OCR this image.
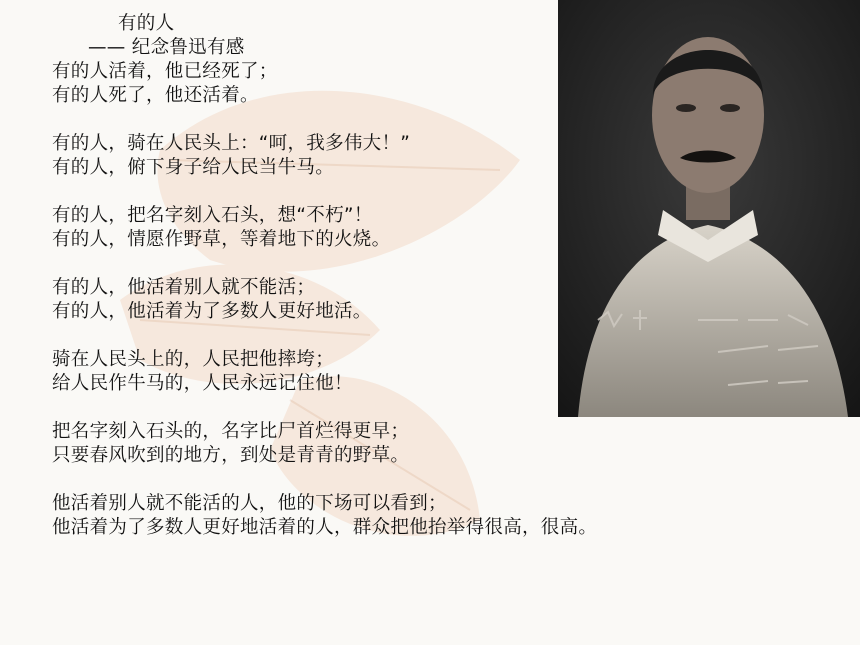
有的人
—— 纪念鲁迅有感
有的人活着，他已经死了；
有的人死了，他还活着。
有的人，骑在人民头上：“呵，我多伟大！”
有的人，俯下身子给人民当牛马。
有的人，把名字刻入石头，想“不朽”！
有的人，情愿作野草，等着地下的火烧。
有的人，他活着别人就不能活；
有的人，他活着为了多数人更好地活。
骑在人民头上的，人民把他摔垮；
给人民作牛马的，人民永远记住他！
把名字刻入石头的，名字比尸首烂得更早；
只要春风吹到的地方，到处是青青的野草。
他活着别人就不能活的人，他的下场可以看到；
他活着为了多数人更好地活着的人，群众把他抬举得很高，很高。
